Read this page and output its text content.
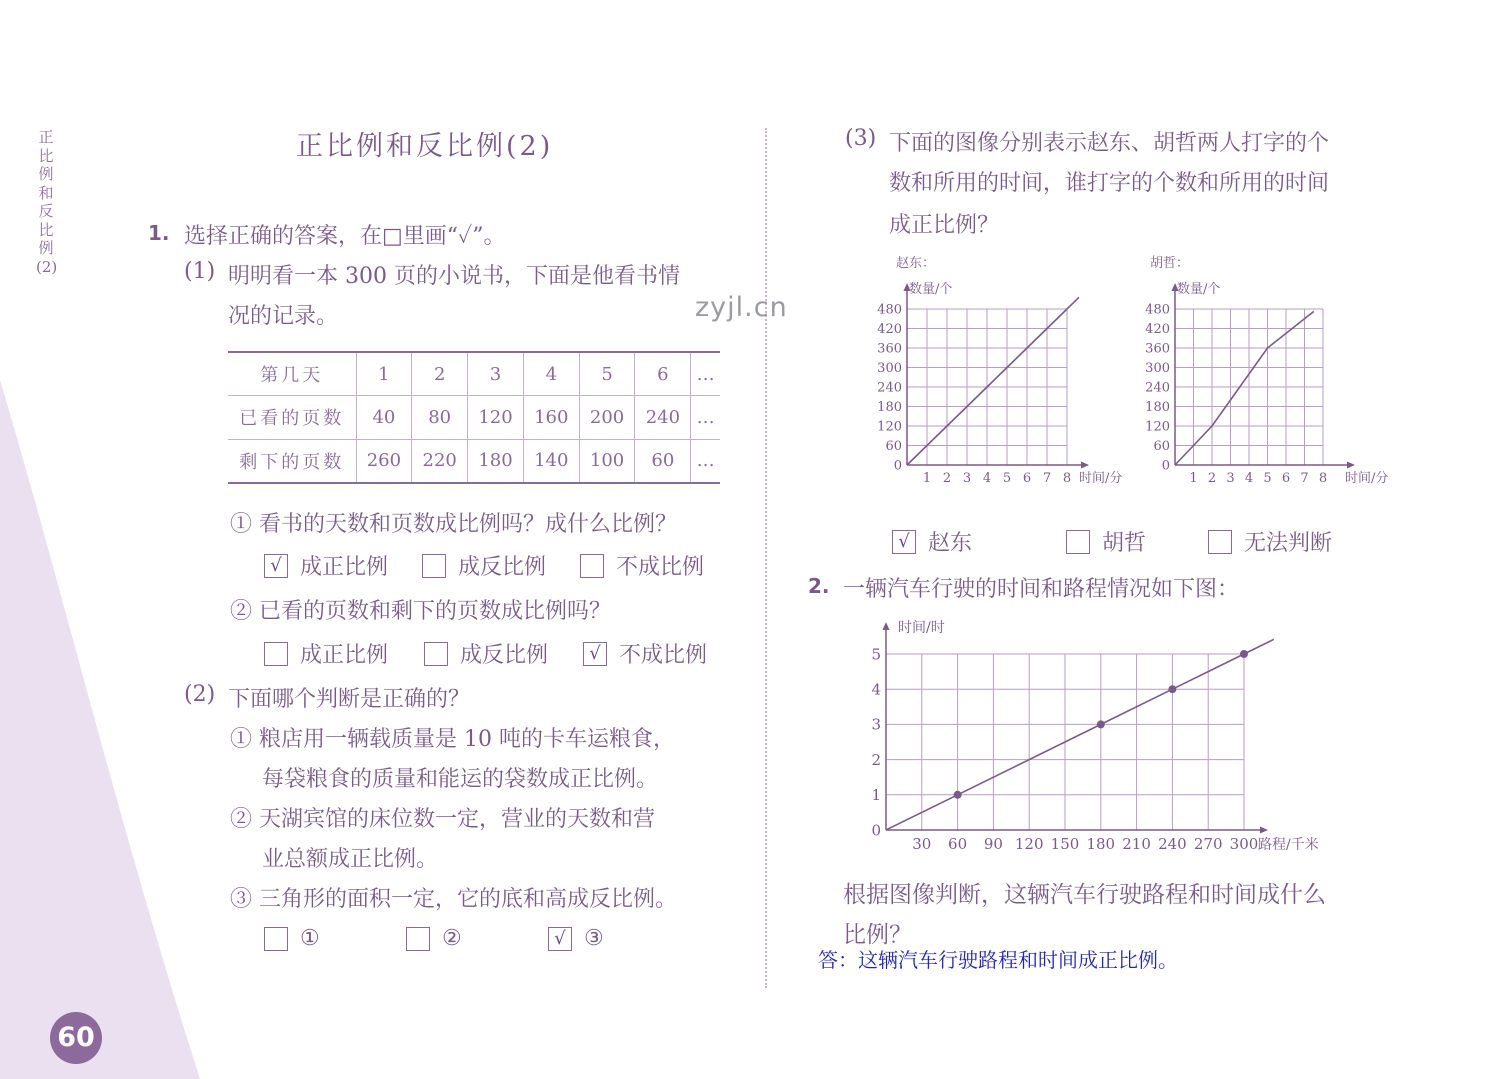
正比例和反比例(2)
60
zyjl.cn
正比例和反比例(2)
1. 选择正确的答案，在□里画“✓”。
(1) 明明看一本 300 页的小说书，下面是他看书情
况的记录。
第几天	1	2	3	4	5	6	…
已看的页数	40	80	120	160	200	240	…
剩下的页数	260	220	180	140	100	60	…
① 看书的天数和页数成比例吗？成什么比例？
√ 成正比例	成反比例	不成比例
② 已看的页数和剩下的页数成比例吗？
成正比例	成反比例	√ 不成比例
(2) 下面哪个判断是正确的？
① 粮店用一辆载质量是 10 吨的卡车运粮食，
每袋粮食的质量和能运的袋数成正比例。
② 天湖宾馆的床位数一定，营业的天数和营
业总额成正比例。
③ 三角形的面积一定，它的底和高成反比例。
①	②	√ ③
(3) 下面的图像分别表示赵东、胡哲两人打字的个
数和所用的时间，谁打字的个数和所用的时间
成正比例？
1 2 3 4 5 6 7 8
60
120
180
240
300
360
420
480
0
时间/分
数量/个
赵东：
1 2 3 4 5 6 7 8
60
120
180
240
300
360
420
480
0
时间/分
数量/个
胡哲：
√ 赵东	胡哲	无法判断
2. 一辆汽车行驶的时间和路程情况如下图：
30 60 90 120 150 180 210 240 270 300
1
2
3
4
5
0
路程/千米
时间/时
根据图像判断，这辆汽车行驶路程和时间成什么
比例？
答：这辆汽车行驶路程和时间成正比例。
